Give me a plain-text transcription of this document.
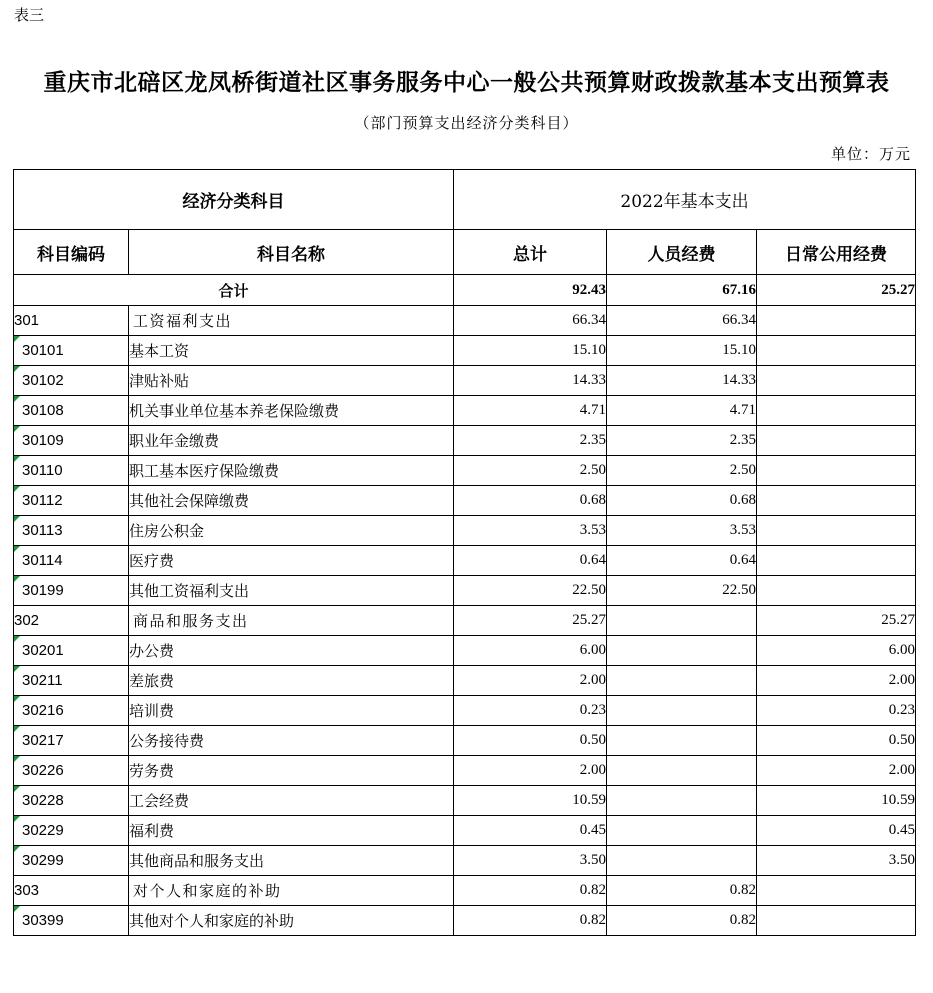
表三
重庆市北碚区龙凤桥街道社区事务服务中心一般公共预算财政拨款基本支出预算表
（部门预算支出经济分类科目）
单位：万元
经济分类科目		2022年基本支出		
科目编码	科目名称	总计	人员经费	日常公用经费
合计		92.43	67.16	25.27
301	工资福利支出	66.34	66.34	
30101	基本工资	15.10	15.10	
30102	津贴补贴	14.33	14.33	
30108	机关事业单位基本养老保险缴费	4.71	4.71	
30109	职业年金缴费	2.35	2.35	
30110	职工基本医疗保险缴费	2.50	2.50	
30112	其他社会保障缴费	0.68	0.68	
30113	住房公积金	3.53	3.53	
30114	医疗费	0.64	0.64	
30199	其他工资福利支出	22.50	22.50	
302	商品和服务支出	25.27		25.27
30201	办公费	6.00		6.00
30211	差旅费	2.00		2.00
30216	培训费	0.23		0.23
30217	公务接待费	0.50		0.50
30226	劳务费	2.00		2.00
30228	工会经费	10.59		10.59
30229	福利费	0.45		0.45
30299	其他商品和服务支出	3.50		3.50
303	对个人和家庭的补助	0.82	0.82	
30399	其他对个人和家庭的补助	0.82	0.82	
